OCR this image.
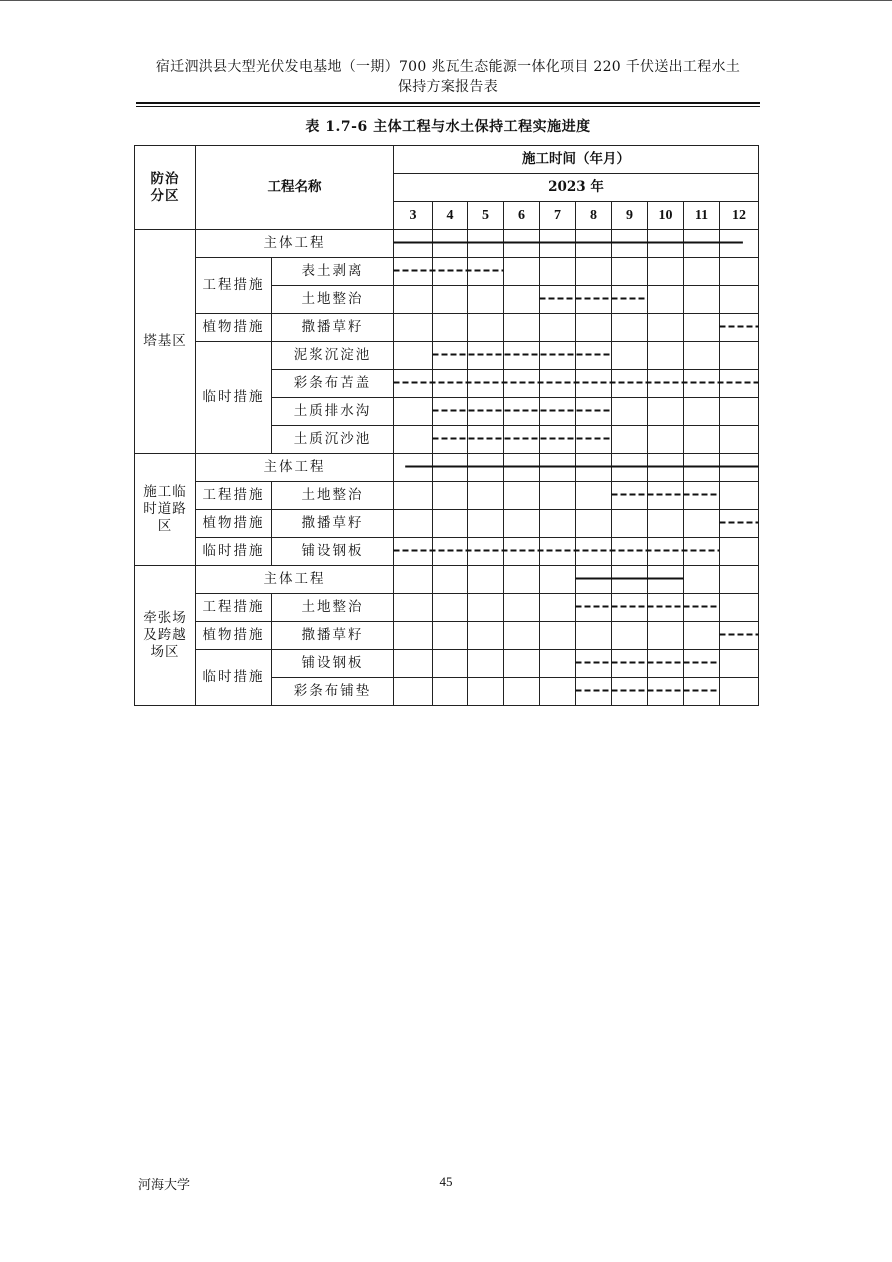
宿迁泗洪县大型光伏发电基地（一期）700 兆瓦生态能源一体化项目 220 千伏送出工程水土
保持方案报告表
表 1.7-6 主体工程与水土保持工程实施进度
防治
分区	工程名称		施工时间（年月）									
			2023 年									
			3	4	5	6	7	8	9	10	11	12
塔基区	主体工程											
	工程措施	表土剥离										
		土地整治										
	植物措施	撒播草籽										
	临时措施	泥浆沉淀池										
		彩条布苫盖										
		土质排水沟										
		土质沉沙池										
施工临
时道路
区	主体工程											
	工程措施	土地整治										
	植物措施	撒播草籽										
	临时措施	铺设钢板										
牵张场
及跨越
场区	主体工程											
	工程措施	土地整治										
	植物措施	撒播草籽										
	临时措施	铺设钢板										
		彩条布铺垫										
河海大学	45
